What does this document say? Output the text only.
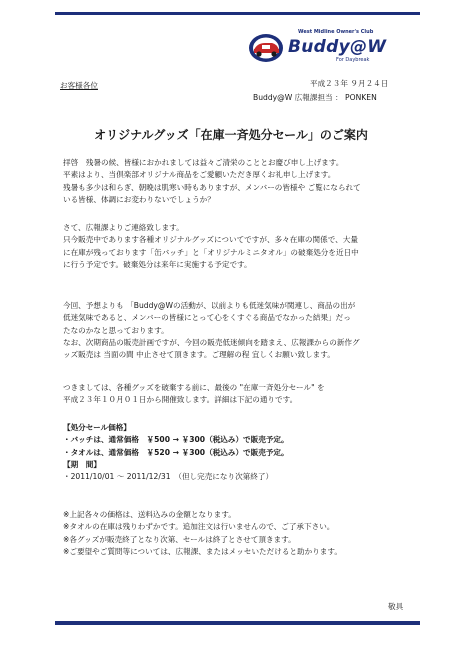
West Midline Owner's Club
Buddy@W
For Daybreak
お客様各位	平成２３年 ９月２４日
Buddy@W 広報課担当 ： PONKEN
オリジナルグッズ「在庫一斉処分セール」のご案内
拝啓　残暑の候、皆様におかれましては益々ご清栄のこととお慶び申し上げます。
平素はより、当倶楽部オリジナル商品をご愛顧いただき厚くお礼申し上げます。
残暑も多少は和らぎ、朝晩は肌寒い時もありますが、メンバーの皆様や ご覧になられて
いる皆様、体調にお変わりないでしょうか？
さて、広報課よりご連絡致します。
只今販売中であります各種オリジナルグッズについてですが、多々在庫の関係で、大量
に在庫が残っております「缶バッチ」と「オリジナルミニタオル」の破棄処分を近日中
に行う予定です。破棄処分は来年に実施する予定です。
今回、予想よりも 「Buddy@Wの活動が、以前よりも低迷気味が関連し、商品の出が
低迷気味であると、メンバーの皆様にとって心をくすぐる商品でなかった結果」だっ
たなのかなと思っております。
なお、次期商品の販売計画ですが、今回の販売低迷傾向を踏まえ、広報課からの新作グ
ッズ販売は 当面の間 中止させて頂きます。ご理解の程 宜しくお願い致します。
つきましては、各種グッズを破棄する前に、最後の "在庫一斉処分セール" を
平成２３年１０月０１日から開催致します。詳細は下記の通りです。
【処分セール価格】
・バッチは、通常価格　￥500 → ￥300（税込み）で販売予定。
・タオルは、通常価格　￥520 → ￥300（税込み）で販売予定。
【期　間】
・2011/10/01 ～ 2011/12/31　（但し完売になり次第終了）
※上記各々の価格は、送料込みの金額となります。
※タオルの在庫は残りわずかです。追加注文は行いませんので、ご了承下さい。
※各グッズが販売終了となり次第、セールは終了とさせて頂きます。
※ご要望やご質問等については、広報課、またはメッセいただけると助かります。
敬具
